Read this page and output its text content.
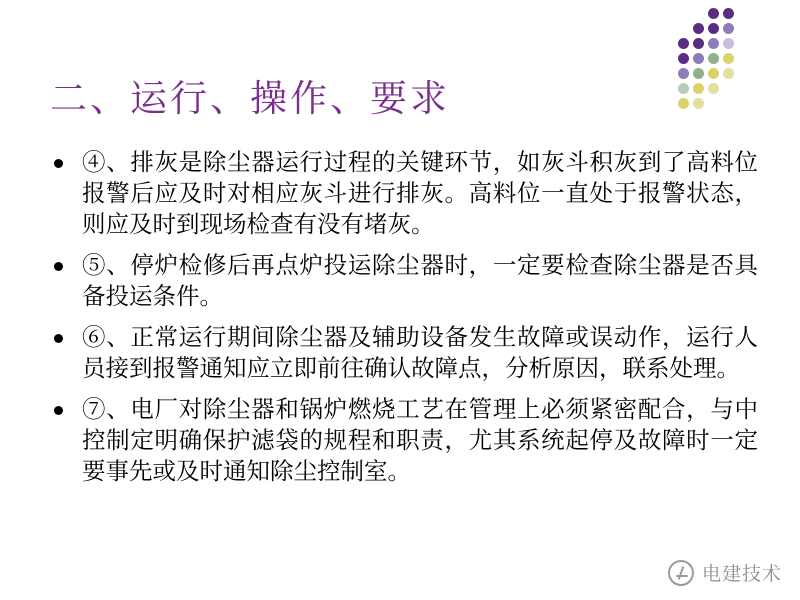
二、运行、操作、要求
④、排灰是除尘器运行过程的关键环节，如灰斗积灰到了高料位报警后应及时对相应灰斗进行排灰。高料位一直处于报警状态，则应及时到现场检查有没有堵灰。
⑤、停炉检修后再点炉投运除尘器时，一定要检查除尘器是否具备投运条件。
⑥、正常运行期间除尘器及辅助设备发生故障或误动作，运行人员接到报警通知应立即前往确认故障点，分析原因，联系处理。
⑦、电厂对除尘器和锅炉燃烧工艺在管理上必须紧密配合，与中控制定明确保护滤袋的规程和职责，尤其系统起停及故障时一定要事先或及时通知除尘控制室。
电建技术
